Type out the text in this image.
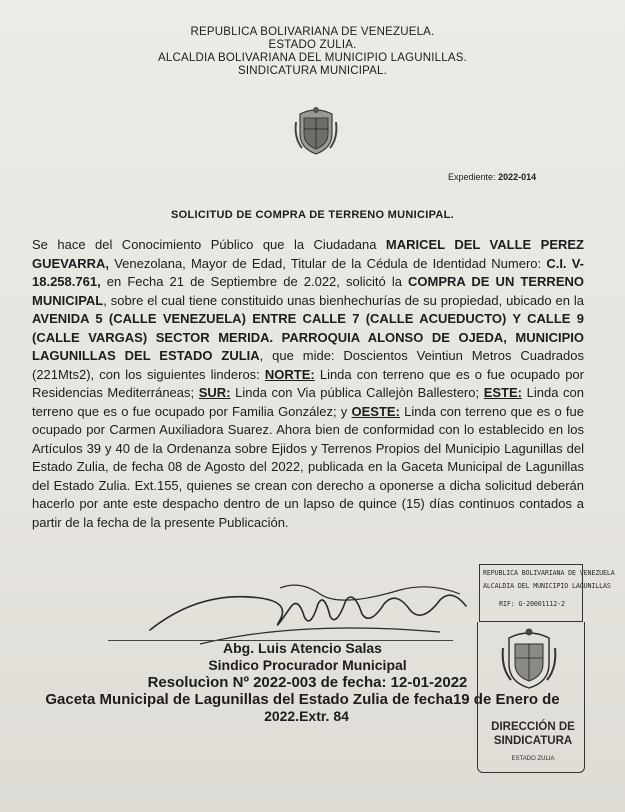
REPUBLICA BOLIVARIANA DE VENEZUELA.
ESTADO ZULIA.
ALCALDIA BOLIVARIANA DEL MUNICIPIO LAGUNILLAS.
SINDICATURA MUNICIPAL.
Expediente: 2022-014
SOLICITUD DE COMPRA DE TERRENO MUNICIPAL.
Se hace del Conocimiento Público que la Ciudadana MARICEL DEL VALLE PEREZ GUEVARRA, Venezolana, Mayor de Edad, Titular de la Cédula de Identidad Numero: C.I. V-18.258.761, en Fecha 21 de Septiembre de 2.022, solicitó la COMPRA DE UN TERRENO MUNICIPAL, sobre el cual tiene constituido unas bienhechurías de su propiedad, ubicado en la AVENIDA 5 (CALLE VENEZUELA) ENTRE CALLE 7 (CALLE ACUEDUCTO) Y CALLE 9 (CALLE VARGAS) SECTOR MERIDA. PARROQUIA ALONSO DE OJEDA, MUNICIPIO LAGUNILLAS DEL ESTADO ZULIA, que mide: Doscientos Veintiun Metros Cuadrados (221Mts2), con los siguientes linderos: NORTE: Linda con terreno que es o fue ocupado por Residencias Mediterráneas; SUR: Linda con Via pública Callejòn Ballestero; ESTE: Linda con terreno que es o fue ocupado por Familia González; y OESTE: Linda con terreno que es o fue ocupado por Carmen Auxiliadora Suarez. Ahora bien de conformidad con lo establecido en los Artículos 39 y 40 de la Ordenanza sobre Ejidos y Terrenos Propios del Municipio Lagunillas del Estado Zulia, de fecha 08 de Agosto del 2022, publicada en la Gaceta Municipal de Lagunillas del Estado Zulia. Ext.155, quienes se crean con derecho a oponerse a dicha solicitud deberán hacerlo por ante este despacho dentro de un lapso de quince (15) días continuos contados a partir de la fecha de la presente Publicación.
Abg. Luis Atencio Salas
Sindico Procurador Municipal
Resolucìon Nº 2022-003 de fecha: 12-01-2022
Gaceta Municipal de Lagunillas del Estado Zulia de fecha19 de Enero de
2022.Extr. 84
REPUBLICA BOLIVARIANA DE VENEZUELA
ALCALDIA DEL MUNICIPIO LAGUNILLAS
RIF: G-20001112-2
DIRECCIÓN DE
SINDICATURA
ESTADO ZULIA
